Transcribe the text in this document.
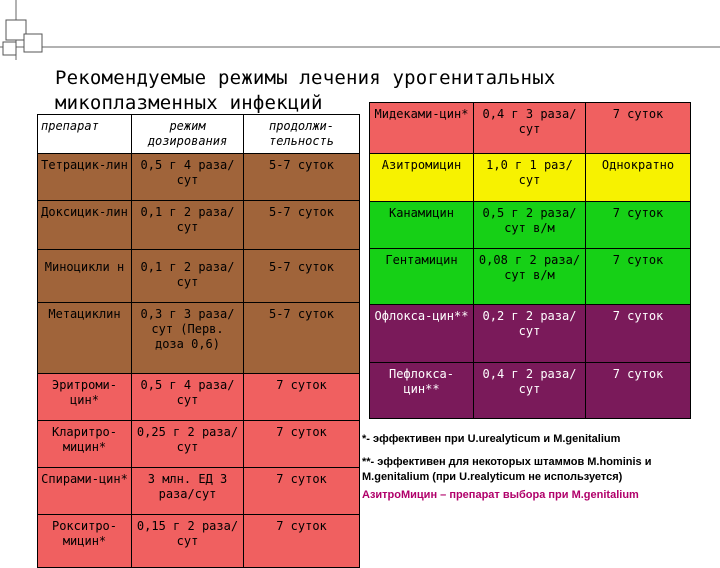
Рекомендуемые режимы лечения урогенитальных
микоплазменных инфекций
препарат	режим дозирования	продолжи-тельность
Тетрацик-лин	0,5 г 4 раза/сут	5-7 суток
Доксицик-лин	0,1 г 2 раза/сут	5-7 суток
Миноцикли н	0,1 г 2 раза/сут	5-7 суток
Метациклин	0,3 г 3 раза/сут (Перв. доза 0,6)	5-7 суток
Эритроми-цин*	0,5 г 4 раза/сут	7 суток
Кларитро-мицин*	0,25 г 2 раза/сут	7 суток
Спирами-цин*	3 млн. ЕД 3 раза/сут	7 суток
Рокситро-мицин*	0,15 г 2 раза/сут	7 суток
Мидеками-цин*	0,4 г 3 раза/сут	7 суток
Азитромицин	1,0 г 1 раз/сут	Однократно
Канамицин	0,5 г 2 раза/сут в/м	7 суток
Гентамицин	0,08 г 2 раза/сут в/м	7 суток
Офлокса-цин**	0,2 г 2 раза/сут	7 суток
Пефлокса-цин**	0,4 г 2 раза/сут	7 суток
*- эффективен при U.urealyticum и M.genitalium
**- эффективен для некоторых штаммов M.hominis и M.genitalium (при U.realyticum не используется)
АзитроМицин – препарат выбора при M.genitalium
